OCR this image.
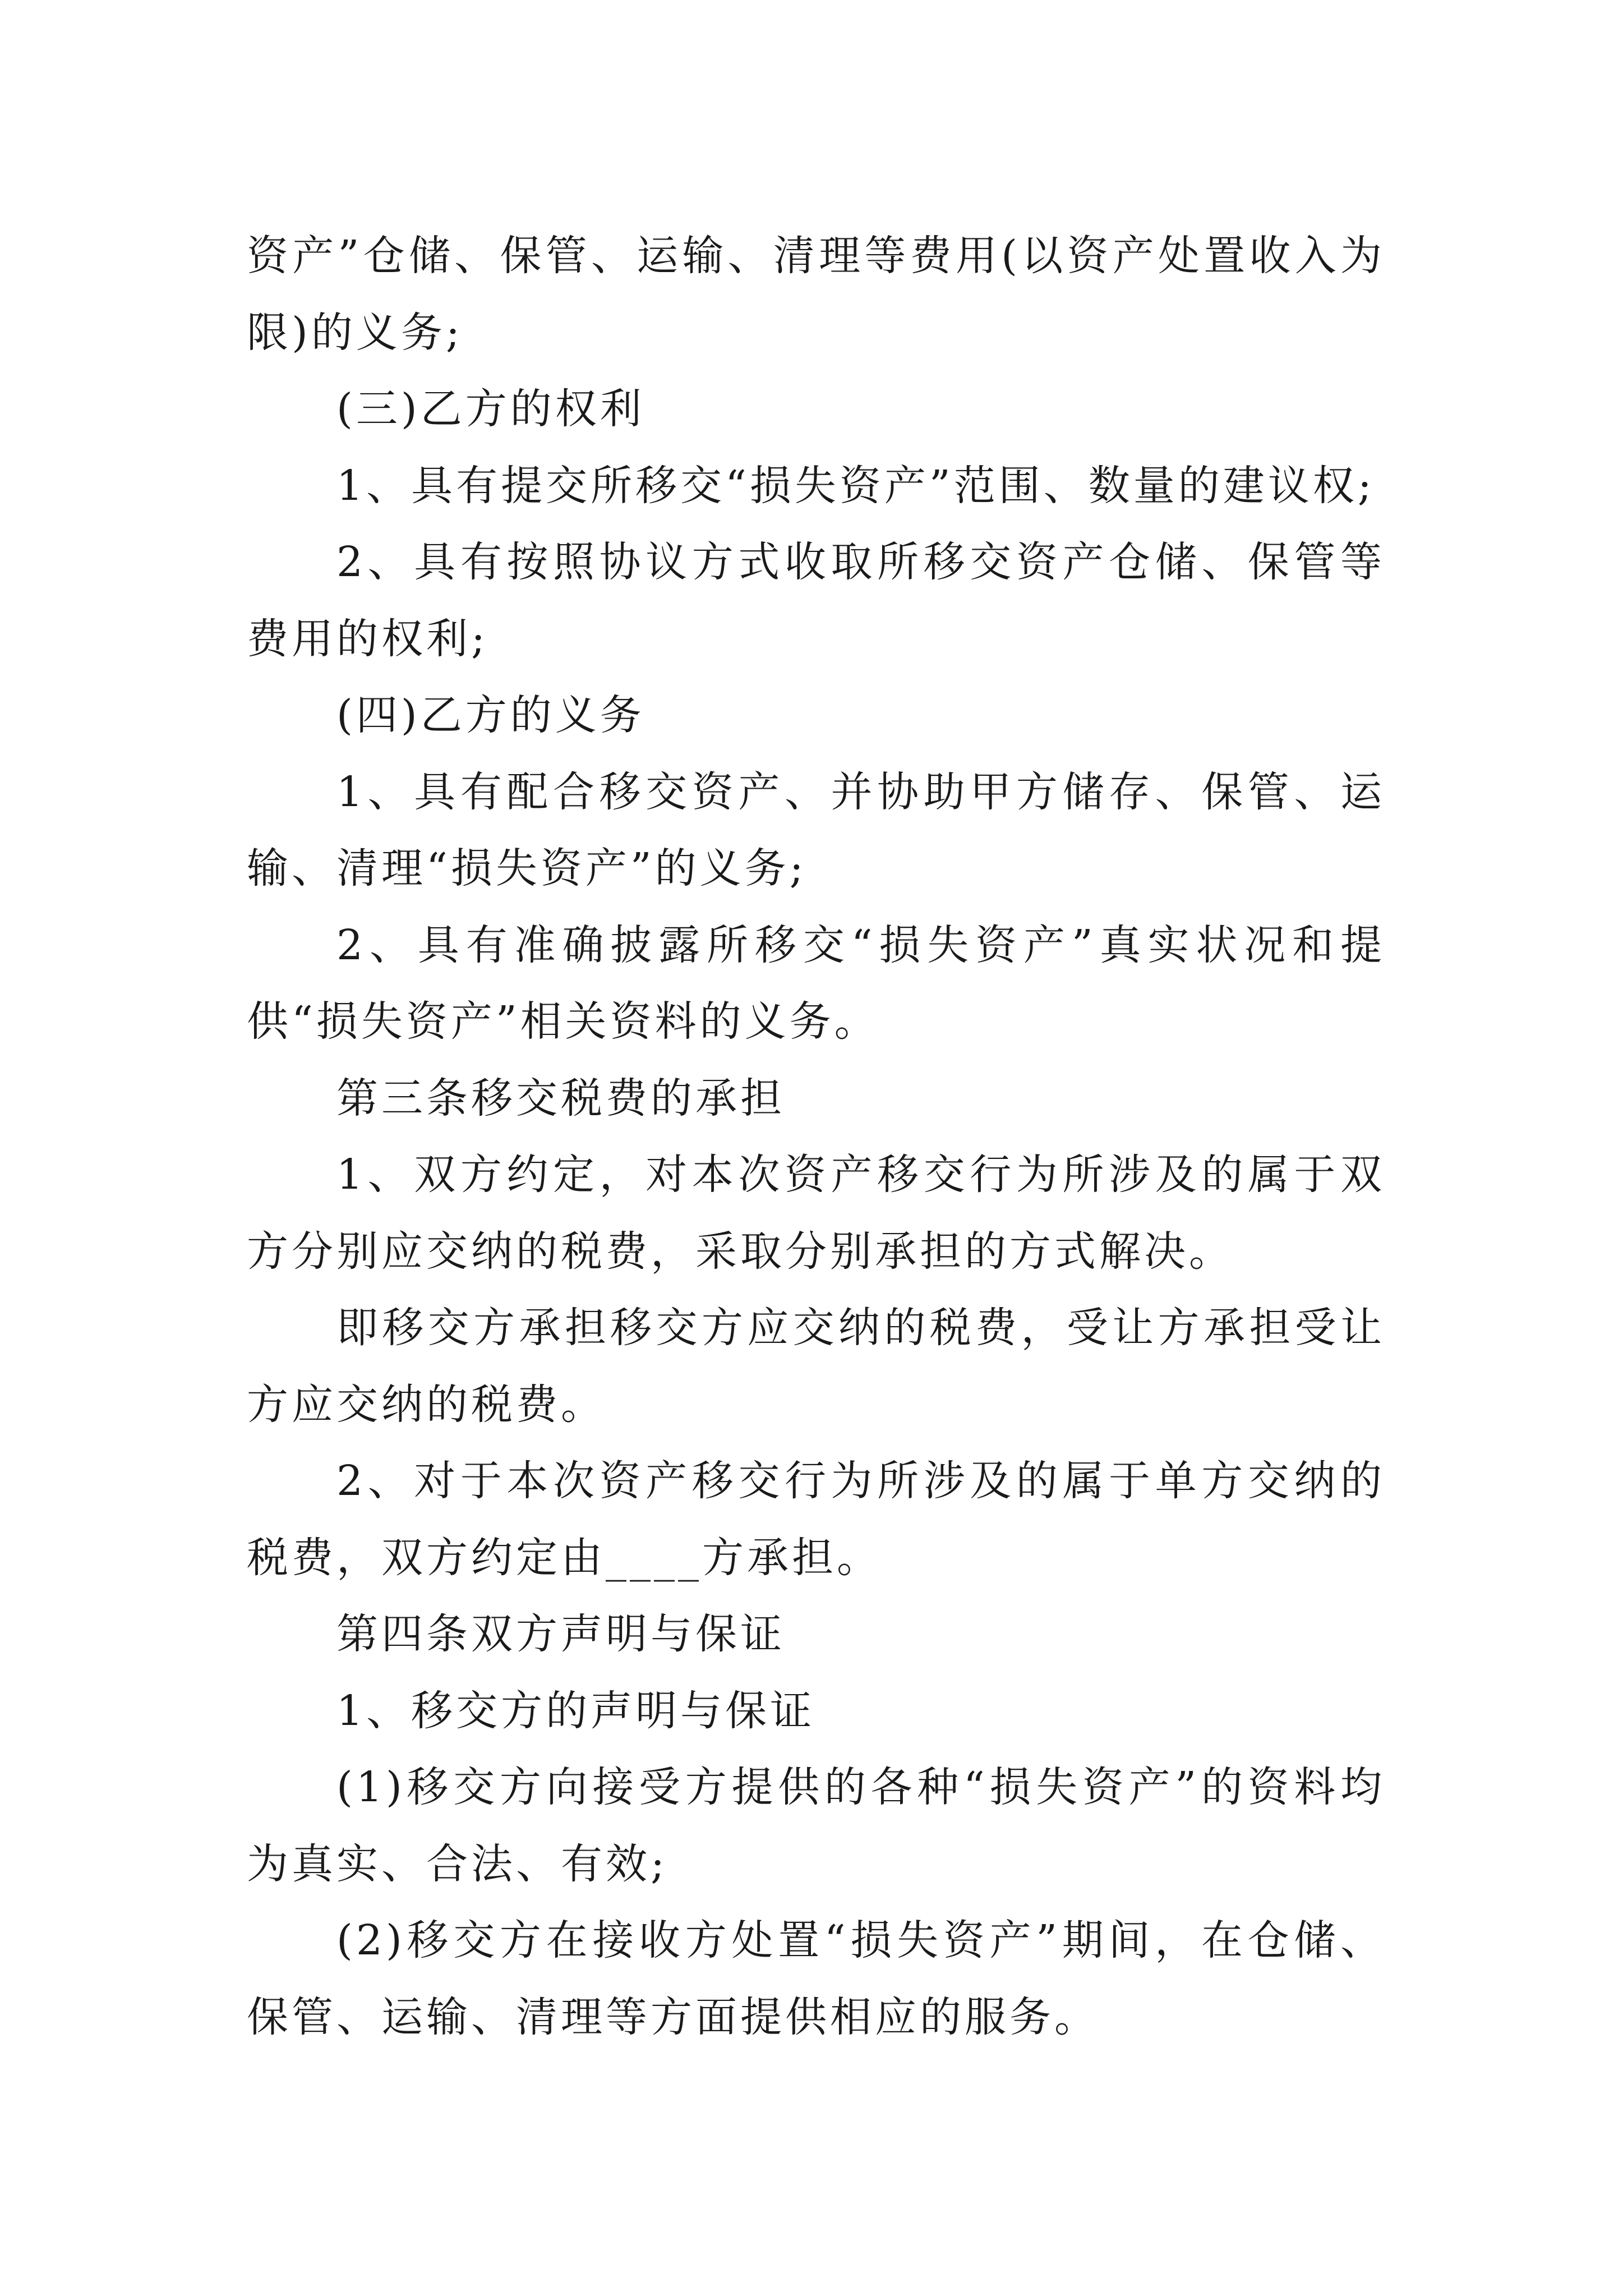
资产”仓储、保管、运输、清理等费用(以资产处置收入为限)的义务;

(三)乙方的权利

1、具有提交所移交“损失资产”范围、数量的建议权;

2、具有按照协议方式收取所移交资产仓储、保管等费用的权利;

(四)乙方的义务

1、具有配合移交资产、并协助甲方储存、保管、运输、清理“损失资产”的义务;

2、具有准确披露所移交“损失资产”真实状况和提供“损失资产”相关资料的义务。

第三条移交税费的承担

1、双方约定，对本次资产移交行为所涉及的属于双方分别应交纳的税费，采取分别承担的方式解决。

即移交方承担移交方应交纳的税费，受让方承担受让方应交纳的税费。

2、对于本次资产移交行为所涉及的属于单方交纳的税费，双方约定由____方承担。

第四条双方声明与保证

1、移交方的声明与保证

(1)移交方向接受方提供的各种“损失资产”的资料均为真实、合法、有效;

(2)移交方在接收方处置“损失资产”期间，在仓储、保管、运输、清理等方面提供相应的服务。
